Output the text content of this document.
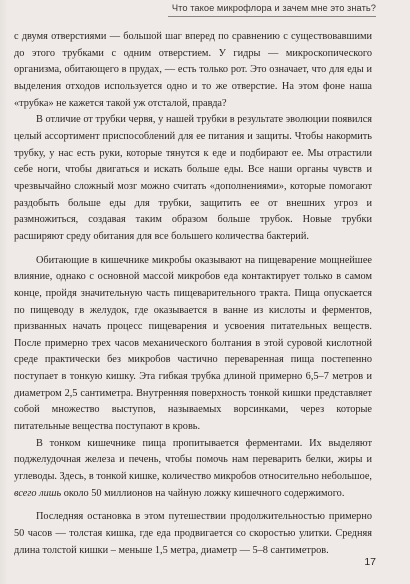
Что такое микрофлора и зачем мне это знать?

с двумя отверстиями — большой шаг вперед по сравнению с существовавшими до этого трубками с одним отверстием. У гидры — микроскопического организма, обитающего в прудах, — есть только рот. Это означает, что для еды и выделения отходов используется одно и то же отверстие. На этом фоне наша «трубка» не кажется такой уж отсталой, правда?

В отличие от трубки червя, у нашей трубки в результате эволюции появился целый ассортимент приспособлений для ее питания и защиты. Чтобы накормить трубку, у нас есть руки, которые тянутся к еде и подбирают ее. Мы отрастили себе ноги, чтобы двигаться и искать больше еды. Все наши органы чувств и чрезвычайно сложный мозг можно считать «дополнениями», которые помогают раздобыть больше еды для трубки, защитить ее от внешних угроз и размножиться, создавая таким образом больше трубок. Новые трубки расширяют среду обитания для все большего количества бактерий.

Обитающие в кишечнике микробы оказывают на пищеварение мощнейшее влияние, однако с основной массой микробов еда контактирует только в самом конце, пройдя значительную часть пищеварительного тракта. Пища опускается по пищеводу в желудок, где оказывается в ванне из кислоты и ферментов, призванных начать процесс пищеварения и усвоения питательных веществ. После примерно трех часов механического болтания в этой суровой кислотной среде практически без микробов частично переваренная пища постепенно поступает в тонкую кишку. Эта гибкая трубка длиной примерно 6,5–7 метров и диаметром 2,5 сантиметра. Внутренняя поверхность тонкой кишки представляет собой множество выступов, называемых ворсинками, через которые питательные вещества поступают в кровь.

В тонком кишечнике пища пропитывается ферментами. Их выделяют поджелудочная железа и печень, чтобы помочь нам переварить белки, жиры и углеводы. Здесь, в тонкой кишке, количество микробов относительно небольшое, всего лишь около 50 миллионов на чайную ложку кишечного содержимого.

Последняя остановка в этом путешествии продолжительностью примерно 50 часов — толстая кишка, где еда продвигается со скоростью улитки. Средняя длина толстой кишки – меньше 1,5 метра, диаметр — 5–8 сантиметров.

17
